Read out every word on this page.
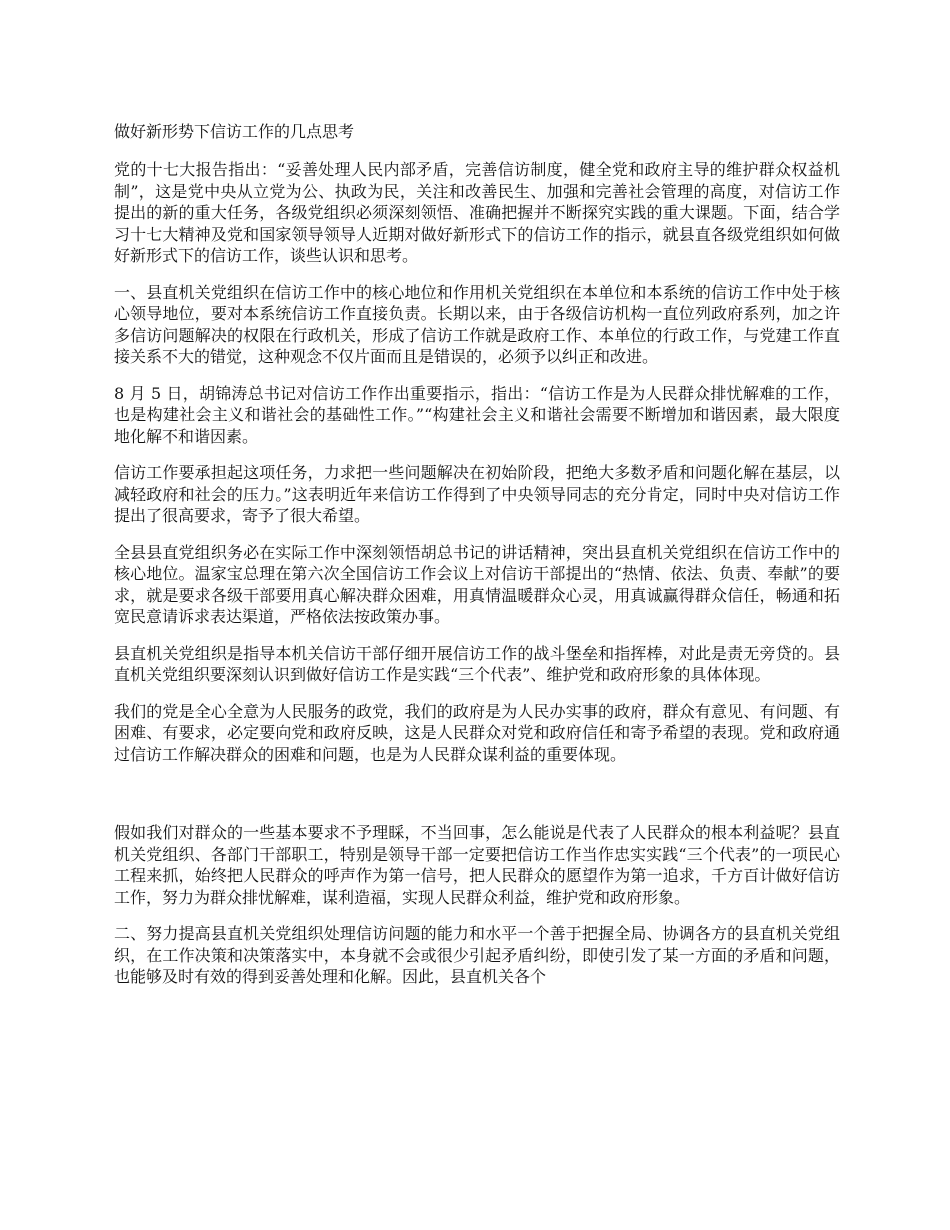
做好新形势下信访工作的几点思考

党的十七大报告指出：“妥善处理人民内部矛盾，完善信访制度，健全党和政府主导的维护群众权益机制”，这是党中央从立党为公、执政为民，关注和改善民生、加强和完善社会管理的高度，对信访工作提出的新的重大任务，各级党组织必须深刻领悟、准确把握并不断探究实践的重大课题。下面，结合学习十七大精神及党和国家领导领导人近期对做好新形式下的信访工作的指示，就县直各级党组织如何做好新形式下的信访工作，谈些认识和思考。

一、县直机关党组织在信访工作中的核心地位和作用机关党组织在本单位和本系统的信访工作中处于核心领导地位，要对本系统信访工作直接负责。长期以来，由于各级信访机构一直位列政府系列，加之许多信访问题解决的权限在行政机关，形成了信访工作就是政府工作、本单位的行政工作，与党建工作直接关系不大的错觉，这种观念不仅片面而且是错误的，必须予以纠正和改进。

8 月 5 日，胡锦涛总书记对信访工作作出重要指示，指出：“信访工作是为人民群众排忧解难的工作，也是构建社会主义和谐社会的基础性工作。”“构建社会主义和谐社会需要不断增加和谐因素，最大限度地化解不和谐因素。

信访工作要承担起这项任务，力求把一些问题解决在初始阶段，把绝大多数矛盾和问题化解在基层，以减轻政府和社会的压力。”这表明近年来信访工作得到了中央领导同志的充分肯定，同时中央对信访工作提出了很高要求，寄予了很大希望。

全县县直党组织务必在实际工作中深刻领悟胡总书记的讲话精神，突出县直机关党组织在信访工作中的核心地位。温家宝总理在第六次全国信访工作会议上对信访干部提出的“热情、依法、负责、奉献”的要求，就是要求各级干部要用真心解决群众困难，用真情温暖群众心灵，用真诚赢得群众信任，畅通和拓宽民意请诉求表达渠道，严格依法按政策办事。

县直机关党组织是指导本机关信访干部仔细开展信访工作的战斗堡垒和指挥棒，对此是责无旁贷的。县直机关党组织要深刻认识到做好信访工作是实践“三个代表”、维护党和政府形象的具体体现。

我们的党是全心全意为人民服务的政党，我们的政府是为人民办实事的政府，群众有意见、有问题、有困难、有要求，必定要向党和政府反映，这是人民群众对党和政府信任和寄予希望的表现。党和政府通过信访工作解决群众的困难和问题，也是为人民群众谋利益的重要体现。

假如我们对群众的一些基本要求不予理睬，不当回事，怎么能说是代表了人民群众的根本利益呢？县直机关党组织、各部门干部职工，特别是领导干部一定要把信访工作当作忠实实践“三个代表”的一项民心工程来抓，始终把人民群众的呼声作为第一信号，把人民群众的愿望作为第一追求，千方百计做好信访工作，努力为群众排忧解难，谋利造福，实现人民群众利益，维护党和政府形象。

二、努力提高县直机关党组织处理信访问题的能力和水平一个善于把握全局、协调各方的县直机关党组织，在工作决策和决策落实中，本身就不会或很少引起矛盾纠纷，即使引发了某一方面的矛盾和问题，也能够及时有效的得到妥善处理和化解。因此，县直机关各个
